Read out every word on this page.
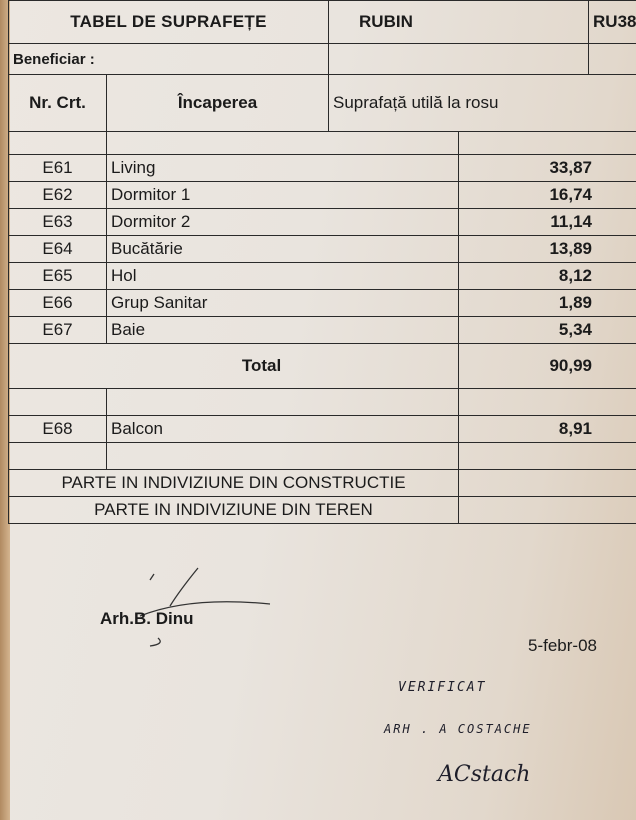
TABEL DE SUPRAFEȚE		RUBIN		RU38
Beneficiar :				
Nr. Crt.	Încaperea	Suprafață utilă la rosu		

E61	Living		33,87	
E62	Dormitor 1		16,74	
E63	Dormitor 2		11,14	
E64	Bucătărie		13,89	
E65	Hol		8,12	
E66	Grup Sanitar		1,89	
E67	Baie		5,34	
Total			90,99	

E68	Balcon		8,91	

PARTE IN INDIVIZIUNE DIN CONSTRUCTIE				
PARTE IN INDIVIZIUNE DIN TEREN				
Arh.B. Dinu
5-febr-08
VERIFICAT
ARH . A COSTACHE
ACstach
